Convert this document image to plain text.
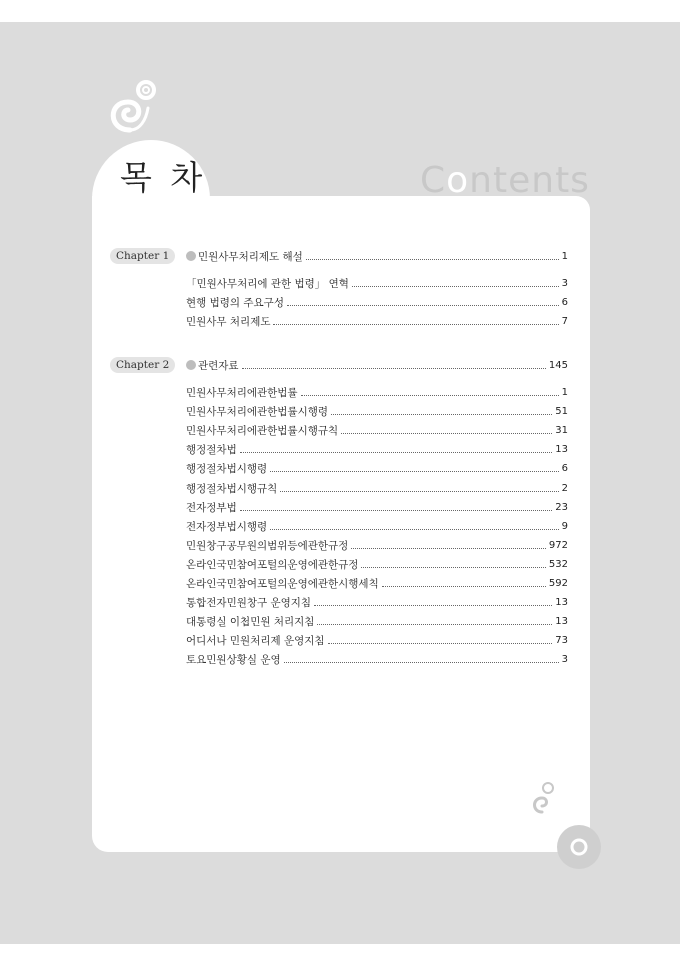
목 차	Contents
Chapter 1	민원사무처리제도 해설	1
「민원사무처리에 관한 법령」 연혁	3
현행 법령의 주요구성	6
민원사무 처리제도	7
Chapter 2	관련자료	145
민원사무처리에관한법률	1
민원사무처리에관한법률시행령	51
민원사무처리에관한법률시행규칙	31
행정절차법	13
행정절차법시행령	6
행정절차법시행규칙	2
전자정부법	23
전자정부법시행령	9
민원창구공무원의범위등에관한규정	972
온라인국민참여포털의운영에관한규정	532
온라인국민참여포털의운영에관한시행세칙	592
통합전자민원창구 운영지침	13
대통령실 이첩민원 처리지침	13
어디서나 민원처리제 운영지침	73
토요민원상황실 운영	3
